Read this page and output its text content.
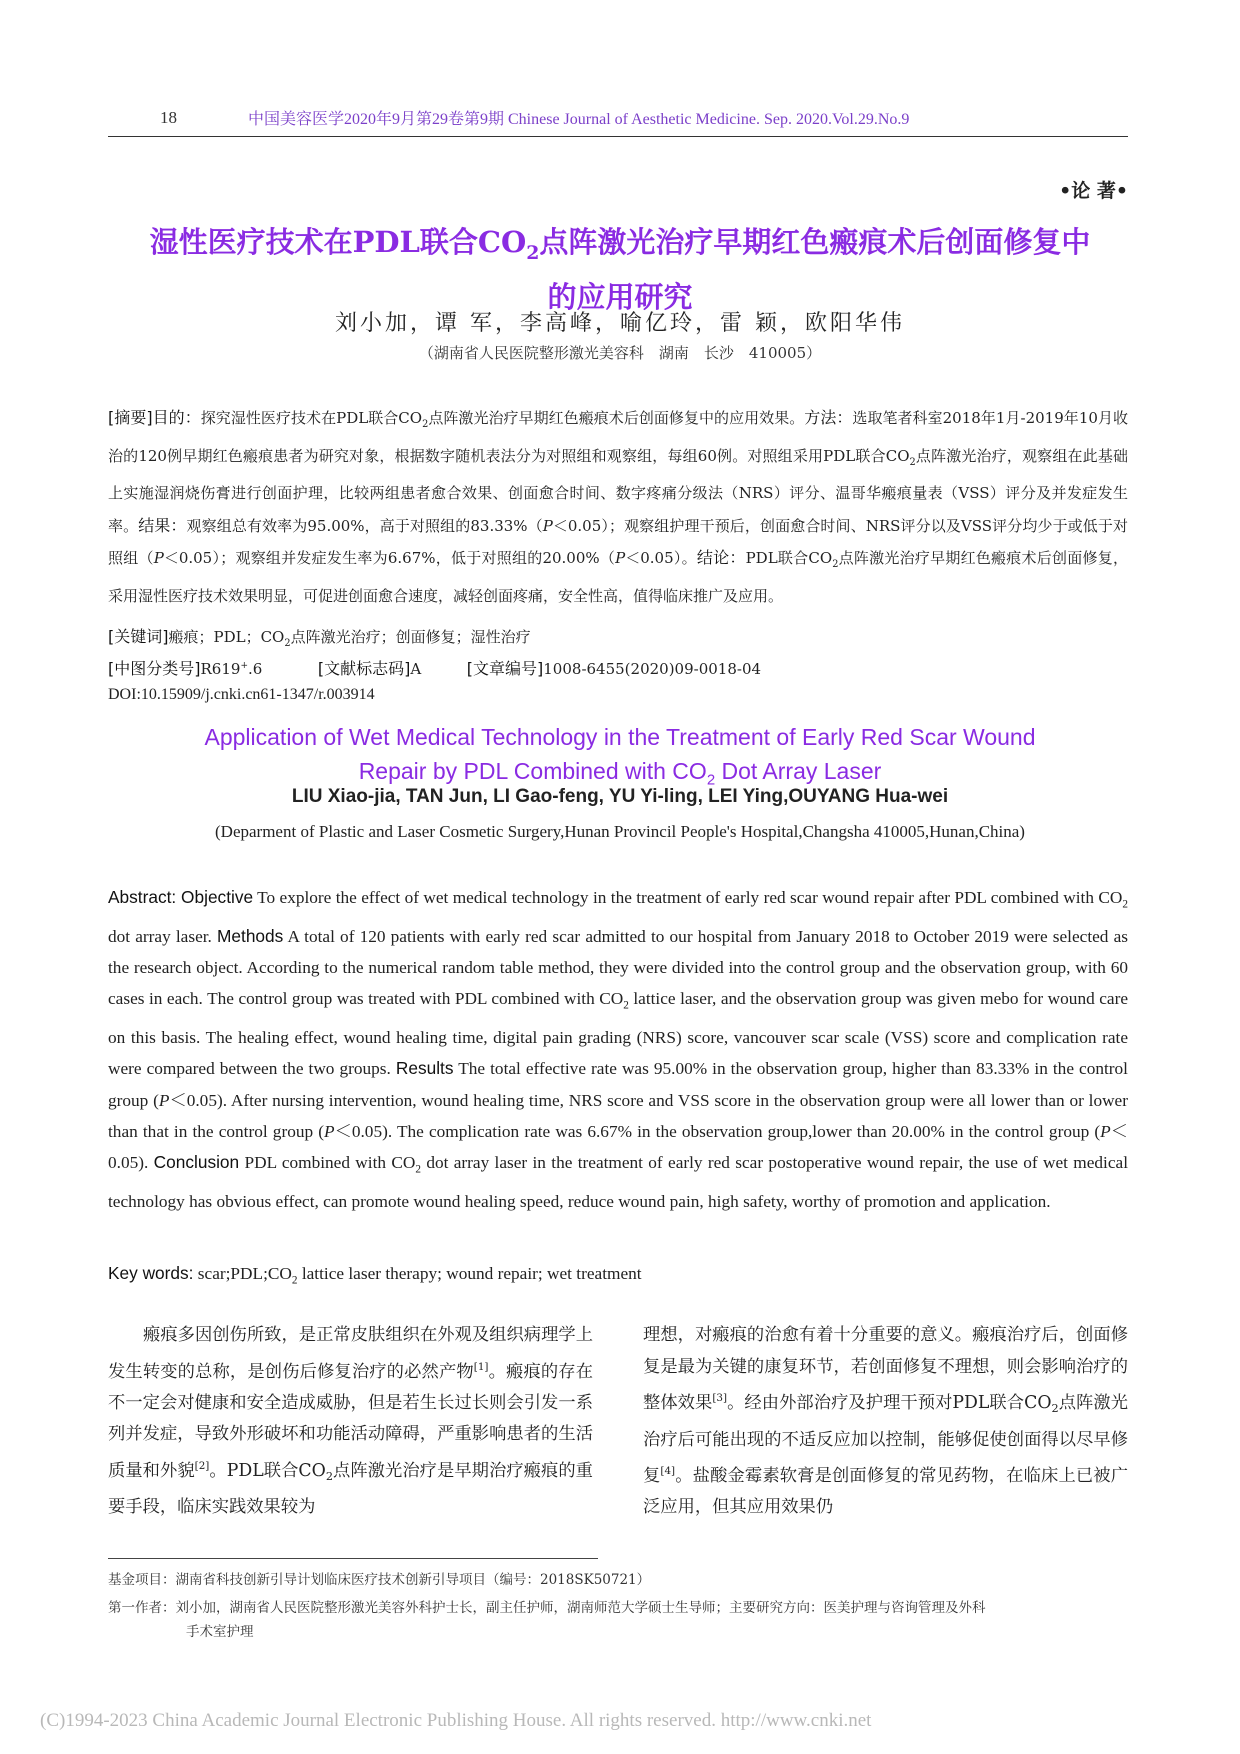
18	中国美容医学2020年9月第29卷第9期 Chinese Journal of Aesthetic Medicine. Sep. 2020.Vol.29.No.9
•论 著•
湿性医疗技术在PDL联合$CO_2$点阵激光治疗早期红色瘢痕术后创面修复中
的应用研究
刘小加，谭 军，李高峰，喻亿玲，雷 颖，欧阳华伟
（湖南省人民医院整形激光美容科　湖南　长沙　410005）
[摘要]目的：探究湿性医疗技术在PDL联合$CO_2$点阵激光治疗早期红色瘢痕术后创面修复中的应用效果。方法：选取笔者科室2018年1月-2019年10月收治的120例早期红色瘢痕患者为研究对象，根据数字随机表法分为对照组和观察组，每组60例。对照组采用PDL联合$CO_2$点阵激光治疗，观察组在此基础上实施湿润烧伤膏进行创面护理，比较两组患者愈合效果、创面愈合时间、数字疼痛分级法（NRS）评分、温哥华瘢痕量表（VSS）评分及并发症发生率。结果：观察组总有效率为95.00%，高于对照组的83.33%（P＜0.05）；观察组护理干预后，创面愈合时间、NRS评分以及VSS评分均少于或低于对照组（P＜0.05）；观察组并发症发生率为6.67%，低于对照组的20.00%（P＜0.05）。结论：PDL联合$CO_2$点阵激光治疗早期红色瘢痕术后创面修复，采用湿性医疗技术效果明显，可促进创面愈合速度，减轻创面疼痛，安全性高，值得临床推广及应用。
[关键词]瘢痕；PDL；$CO_2$点阵激光治疗；创面修复；湿性治疗
[中图分类号]R619+.6	[文献标志码]A	[文章编号]1008-6455(2020)09-0018-04
DOI:10.15909/j.cnki.cn61-1347/r.003914
Application of Wet Medical Technology in the Treatment of Early Red Scar Wound
Repair by PDL Combined with $CO_2$ Dot Array Laser
LIU Xiao-jia, TAN Jun, LI Gao-feng, YU Yi-ling, LEI Ying,OUYANG Hua-wei
(Deparment of Plastic and Laser Cosmetic Surgery,Hunan Provincil People's Hospital,Changsha 410005,Hunan,China)
Abstract: Objective To explore the effect of wet medical technology in the treatment of early red scar wound repair after PDL combined with $CO_2$ dot array laser. Methods A total of 120 patients with early red scar admitted to our hospital from January 2018 to October 2019 were selected as the research object. According to the numerical random table method, they were divided into the control group and the observation group, with 60 cases in each. The control group was treated with PDL combined with $CO_2$ lattice laser, and the observation group was given mebo for wound care on this basis. The healing effect, wound healing time, digital pain grading (NRS) score, vancouver scar scale (VSS) score and complication rate were compared between the two groups. Results The total effective rate was 95.00% in the observation group, higher than 83.33% in the control group (P＜0.05). After nursing intervention, wound healing time, NRS score and VSS score in the observation group were all lower than or lower than that in the control group (P＜0.05). The complication rate was 6.67% in the observation group,lower than 20.00% in the control group (P＜0.05). Conclusion PDL combined with $CO_2$ dot array laser in the treatment of early red scar postoperative wound repair, the use of wet medical technology has obvious effect, can promote wound healing speed, reduce wound pain, high safety, worthy of promotion and application.
Key words: $scar;PDL;CO_2$ lattice laser therapy; wound repair; wet treatment
瘢痕多因创伤所致，是正常皮肤组织在外观及组织病理学上发生转变的总称，是创伤后修复治疗的必然产物[1]。瘢痕的存在不一定会对健康和安全造成威胁，但是若生长过长则会引发一系列并发症，导致外形破坏和功能活动障碍，严重影响患者的生活质量和外貌[2]。PDL联合$CO_2$点阵激光治疗是早期治疗瘢痕的重要手段，临床实践效果较为
理想，对瘢痕的治愈有着十分重要的意义。瘢痕治疗后，创面修复是最为关键的康复环节，若创面修复不理想，则会影响治疗的整体效果[3]。经由外部治疗及护理干预对PDL联合$CO_2$点阵激光治疗后可能出现的不适反应加以控制，能够促使创面得以尽早修复[4]。盐酸金霉素软膏是创面修复的常见药物，在临床上已被广泛应用，但其应用效果仍
基金项目：湖南省科技创新引导计划临床医疗技术创新引导项目（编号：2018SK50721）
第一作者：刘小加，湖南省人民医院整形激光美容外科护士长，副主任护师，湖南师范大学硕士生导师；主要研究方向：医美护理与咨询管理及外科
手术室护理
(C)1994-2023 China Academic Journal Electronic Publishing House. All rights reserved. http://www.cnki.net
